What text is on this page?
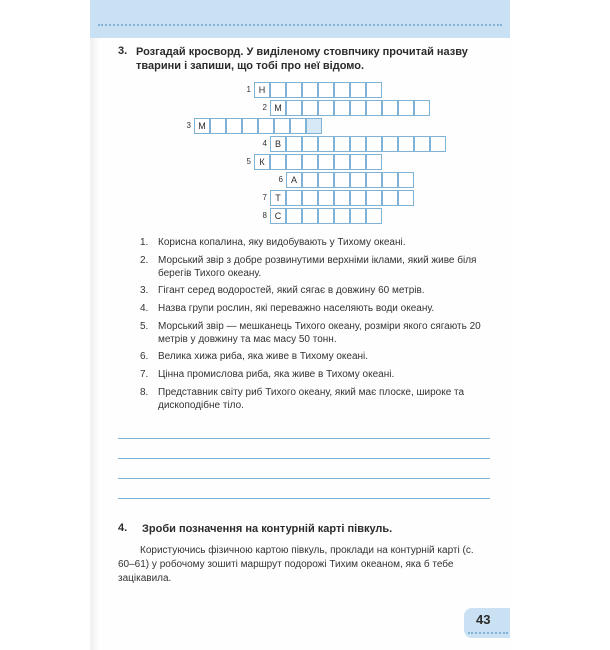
3. Розгадай кросворд. У виділеному стовпчику прочитай назву
тварини і запиши, що тобі про неї відомо.
1 Н
2 М
3 М
4 В
5 К
6 А
7 Т
8 С
1. Корисна копалина, яку видобувають у Тихому океані.
2. Морський звір з добре розвинутими верхніми іклами, який живе біля берегів Тихого океану.
3. Гігант серед водоростей, який сягає в довжину 60 метрів.
4. Назва групи рослин, які переважно населяють води океану.
5. Морський звір — мешканець Тихого океану, розміри якого сягають 20 метрів у довжину та має масу 50 тонн.
6. Велика хижа риба, яка живе в Тихому океані.
7. Цінна промислова риба, яка живе в Тихому океані.
8. Представник світу риб Тихого океану, який має плоске, широке та дископодібне тіло.
4. Зроби позначення на контурній карті півкуль.
Користуючись фізичною картою півкуль, проклади на контурній карті (с. 60–61) у робочому зошиті маршрут подорожі Тихим океаном, яка б тебе зацікавила.
43
